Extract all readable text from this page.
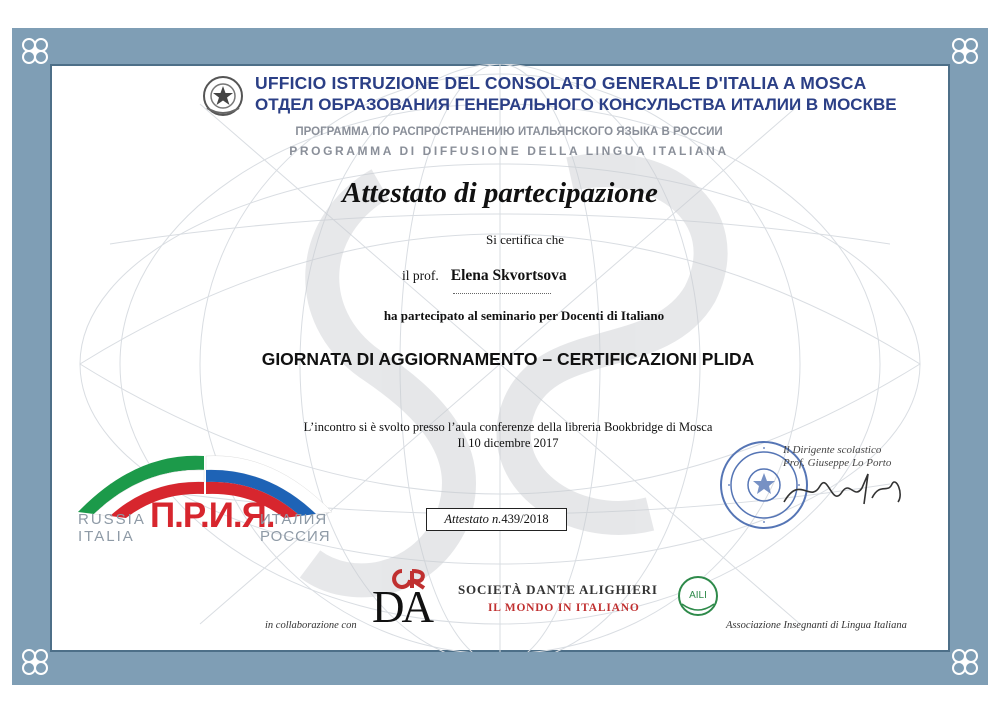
UFFICIO ISTRUZIONE DEL CONSOLATO GENERALE D'ITALIA A MOSCA
ОТДЕЛ ОБРАЗОВАНИЯ ГЕНЕРАЛЬНОГО КОНСУЛЬСТВА ИТАЛИИ В МОСКВЕ
ПРОГРАММА ПО РАСПРОСТРАНЕНИЮ ИТАЛЬЯНСКОГО ЯЗЫКА В РОССИИ
PROGRAMMA DI DIFFUSIONE DELLA LINGUA ITALIANA
Attestato di partecipazione
Si certifica che
il prof. Elena Skvortsova
ha partecipato al seminario per Docenti di Italiano
GIORNATA DI AGGIORNAMENTO – CERTIFICAZIONI PLIDA
L’incontro si è svolto presso l’aula conferenze della libreria Bookbridge di Mosca
Il 10 dicembre 2017	Il Dirigente scolastico
Prof. Giuseppe Lo Porto
RUSSIA
ITALIA
П.Р.И.Я.
ИТАЛИЯ
РОССИЯ
Attestato n.439/2018
in collaborazione con DA SOCIETÀ DANTE ALIGHIERI
IL MONDO IN ITALIANO
AILI
Associazione Insegnanti di Lingua Italiana
